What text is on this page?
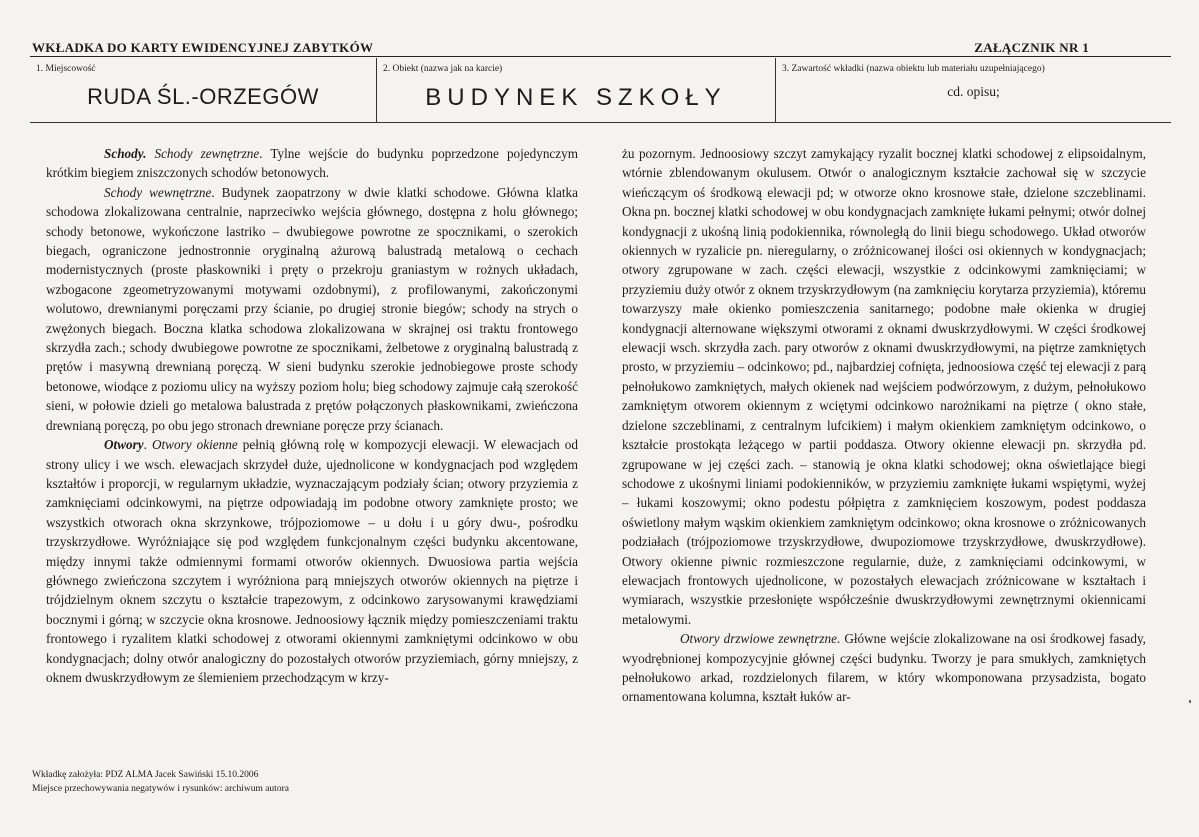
WKŁADKA DO KARTY EWIDENCYJNEJ ZABYTKÓW	ZAŁĄCZNIK NR 1
1. Miejscowość
RUDA ŚL.-ORZEGÓW
2. Obiekt (nazwa jak na karcie)
BUDYNEK SZKOŁY
3. Zawartość wkładki (nazwa obiektu lub materiału uzupełniającego)
cd. opisu;

Schody. Schody zewnętrzne. Tylne wejście do budynku poprzedzone pojedynczym krótkim biegiem zniszczonych schodów betonowych.

Schody wewnętrzne. Budynek zaopatrzony w dwie klatki schodowe. Główna klatka schodowa zlokalizowana centralnie, naprzeciwko wejścia głównego, dostępna z holu głównego; schody betonowe, wykończone lastriko – dwubiegowe powrotne ze spocznikami, o szerokich biegach, ograniczone jednostronnie oryginalną ażurową balustradą metalową o cechach modernistycznych (proste płaskowniki i pręty o przekroju graniastym w rożnych układach, wzbogacone zgeometryzowanymi motywami ozdobnymi), z profilowanymi, zakończonymi wolutowo, drewnianymi poręczami przy ścianie, po drugiej stronie biegów; schody na strych o zwężonych biegach. Boczna klatka schodowa zlokalizowana w skrajnej osi traktu frontowego skrzydła zach.; schody dwubiegowe powrotne ze spocznikami, żelbetowe z oryginalną balustradą z prętów i masywną drewnianą poręczą. W sieni budynku szerokie jednobiegowe proste schody betonowe, wiodące z poziomu ulicy na wyższy poziom holu; bieg schodowy zajmuje całą szerokość sieni, w połowie dzieli go metalowa balustrada z prętów połączonych płaskownikami, zwieńczona drewnianą poręczą, po obu jego stronach drewniane poręcze przy ścianach.

Otwory. Otwory okienne pełnią główną rolę w kompozycji elewacji. W elewacjach od strony ulicy i we wsch. elewacjach skrzydeł duże, ujednolicone w kondygnacjach pod względem kształtów i proporcji, w regularnym układzie, wyznaczającym podziały ścian; otwory przyziemia z zamknięciami odcinkowymi, na piętrze odpowiadają im podobne otwory zamknięte prosto; we wszystkich otworach okna skrzynkowe, trójpoziomowe – u dołu i u góry dwu-, pośrodku trzyskrzydłowe. Wyróżniające się pod względem funkcjonalnym części budynku akcentowane, między innymi także odmiennymi formami otworów okiennych. Dwuosiowa partia wejścia głównego zwieńczona szczytem i wyróżniona parą mniejszych otworów okiennych na piętrze i trójdzielnym oknem szczytu o kształcie trapezowym, z odcinkowo zarysowanymi krawędziami bocznymi i górną; w szczycie okna krosnowe. Jednoosiowy łącznik między pomieszczeniami traktu frontowego i ryzalitem klatki schodowej z otworami okiennymi zamkniętymi odcinkowo w obu kondygnacjach; dolny otwór analogiczny do pozostałych otworów przyziemiach, górny mniejszy, z oknem dwuskrzydłowym ze ślemieniem przechodzącym w krzy-

żu pozornym. Jednoosiowy szczyt zamykający ryzalit bocznej klatki schodowej z elipsoidalnym, wtórnie zblendowanym okulusem. Otwór o analogicznym kształcie zachował się w szczycie wieńczącym oś środkową elewacji pd; w otworze okno krosnowe stałe, dzielone szczeblinami. Okna pn. bocznej klatki schodowej w obu kondygnacjach zamknięte łukami pełnymi; otwór dolnej kondygnacji z ukośną linią podokiennika, równoległą do linii biegu schodowego. Układ otworów okiennych w ryzalicie pn. nieregularny, o zróżnicowanej ilości osi okiennych w kondygnacjach; otwory zgrupowane w zach. części elewacji, wszystkie z odcinkowymi zamknięciami; w przyziemiu duży otwór z oknem trzyskrzydłowym (na zamknięciu korytarza przyziemia), któremu towarzyszy małe okienko pomieszczenia sanitarnego; podobne małe okienka w drugiej kondygnacji alternowane większymi otworami z oknami dwuskrzydłowymi. W części środkowej elewacji wsch. skrzydła zach. pary otworów z oknami dwuskrzydłowymi, na piętrze zamkniętych prosto, w przyziemiu – odcinkowo; pd., najbardziej cofnięta, jednoosiowa część tej elewacji z parą pełnołukowo zamkniętych, małych okienek nad wejściem podwórzowym, z dużym, pełnołukowo zamkniętym otworem okiennym z wciętymi odcinkowo narożnikami na piętrze ( okno stałe, dzielone szczeblinami, z centralnym lufcikiem) i małym okienkiem zamkniętym odcinkowo, o kształcie prostokąta leżącego w partii poddasza. Otwory okienne elewacji pn. skrzydła pd. zgrupowane w jej części zach. – stanowią je okna klatki schodowej; okna oświetlające biegi schodowe z ukośnymi liniami podokienników, w przyziemiu zamknięte łukami wspiętymi, wyżej – łukami koszowymi; okno podestu półpiętra z zamknięciem koszowym, podest poddasza oświetlony małym wąskim okienkiem zamkniętym odcinkowo; okna krosnowe o zróżnicowanych podziałach (trójpoziomowe trzyskrzydłowe, dwupoziomowe trzyskrzydłowe, dwuskrzydłowe). Otwory okienne piwnic rozmieszczone regularnie, duże, z zamknięciami odcinkowymi, w elewacjach frontowych ujednolicone, w pozostałych elewacjach zróżnicowane w kształtach i wymiarach, wszystkie przesłonięte współcześnie dwuskrzydłowymi zewnętrznymi okiennicami metalowymi.

Otwory drzwiowe zewnętrzne. Główne wejście zlokalizowane na osi środkowej fasady, wyodrębnionej kompozycyjnie głównej części budynku. Tworzy je para smukłych, zamkniętych pełnołukowo arkad, rozdzielonych filarem, w który wkomponowana przysadzista, bogato ornamentowana kolumna, kształt łuków ar-

Wkładkę założyła: PDZ ALMA Jacek Sawiński 15.10.2006
Miejsce przechowywania negatywów i rysunków: archiwum autora
